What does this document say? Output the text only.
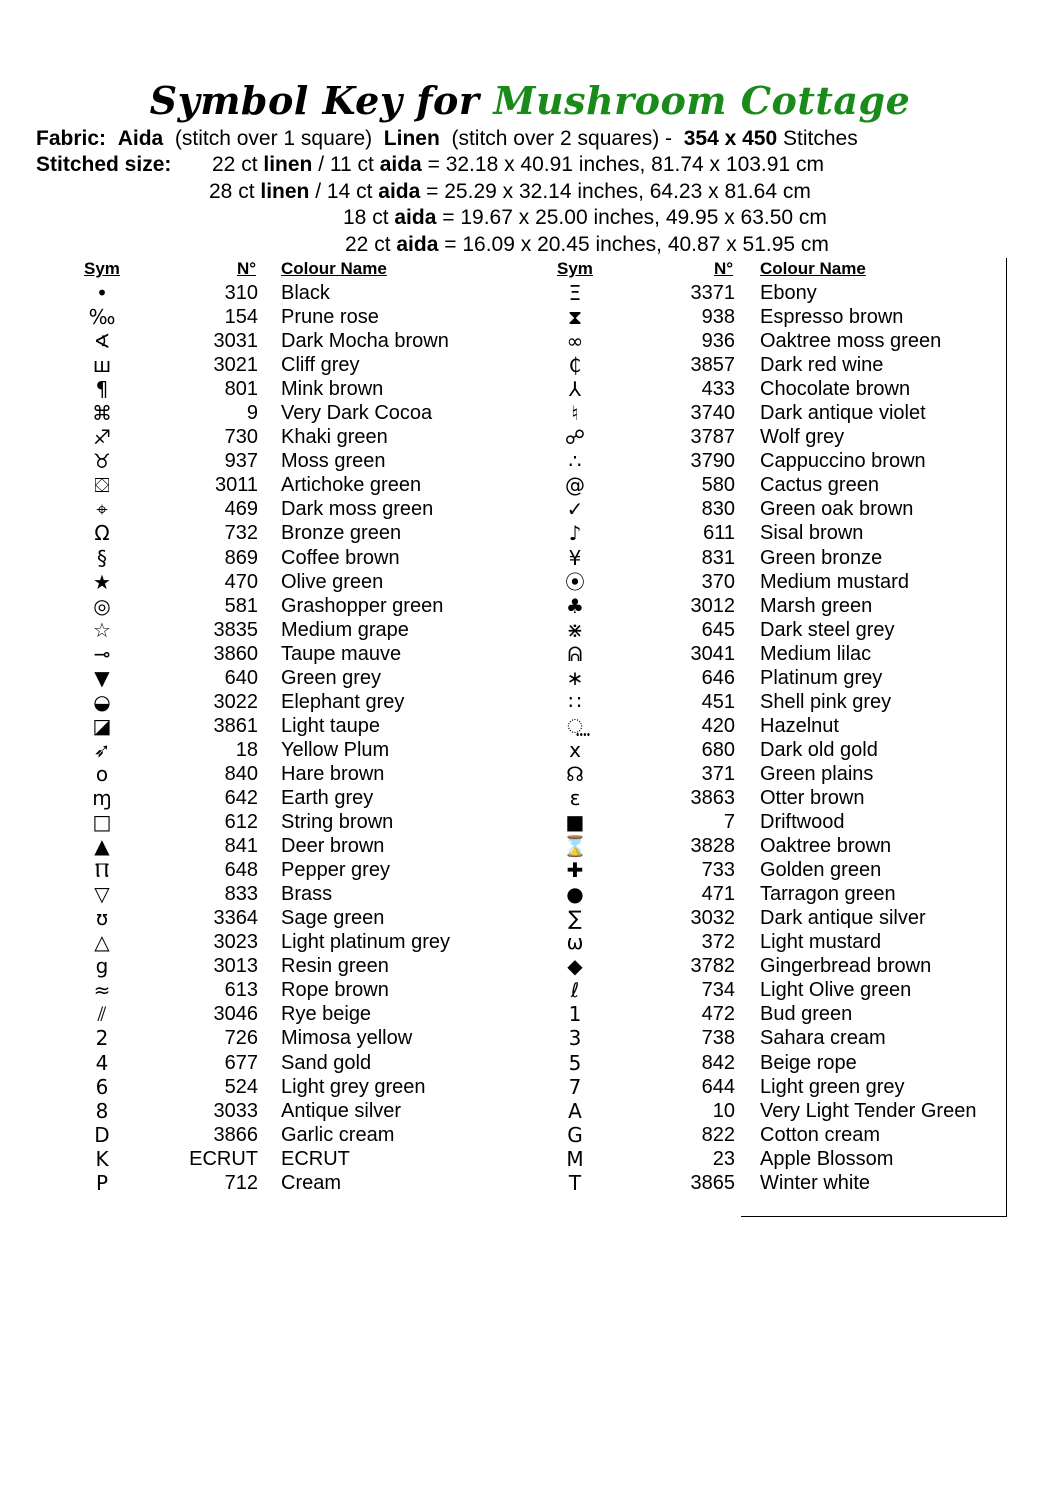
Symbol Key for Mushroom Cottage
Fabric: Aida (stitch over 1 square) Linen (stitch over 2 squares) - 354 x 450 Stitches
Stitched size: 22 ct linen / 11 ct aida = 32.18 x 40.91 inches, 81.74 x 103.91 cm
28 ct linen / 14 ct aida = 25.29 x 32.14 inches, 64.23 x 81.64 cm
18 ct aida = 19.67 x 25.00 inches, 49.95 x 63.50 cm
22 ct aida = 16.09 x 20.45 inches, 40.87 x 51.95 cm
Sym	N° Colour Name	Sym	N° Colour Name
•	310 Black
‰	154 Prune rose
∢	3031 Dark Mocha brown
ш	3021 Cliff grey
¶	801 Mink brown
⌘	9 Very Dark Cocoa
♐	730 Khaki green
♉	937 Moss green
⛋	3011 Artichoke green
⌖	469 Dark moss green
Ω	732 Bronze green
§	869 Coffee brown
★	470 Olive green
◎	581 Grashopper green
☆	3835 Medium grape
⊸	3860 Taupe mauve
▼	640 Green grey
◒	3022 Elephant grey
◪	3861 Light taupe
➶	18 Yellow Plum
o	840 Hare brown
ɱ	642 Earth grey
□	612 String brown
▲	841 Deer brown
Ⲡ	648 Pepper grey
▽	833 Brass
ʊ	3364 Sage green
△	3023 Light platinum grey
g	3013 Resin green
≈	613 Rope brown
⫽	3046 Rye beige
2	726 Mimosa yellow
4	677 Sand gold
6	524 Light grey green
8	3033 Antique silver
D	3866 Garlic cream
K	ECRUT ECRUT
P	712 Cream
Ξ	3371 Ebony
⧗	938 Espresso brown
∞	936 Oaktree moss green
₵	3857 Dark red wine
⅄	433 Chocolate brown
♮	3740 Dark antique violet
☍	3787 Wolf grey
∴	3790 Cappuccino brown
@	580 Cactus green
✓	830 Green oak brown
♪	611 Sisal brown
¥	831 Green bronze
⦿	370 Medium mustard
♣	3012 Marsh green
⋇	645 Dark steel grey
ᕱ	3041 Medium lilac
∗	646 Platinum grey
∷	451 Shell pink grey
⵿	420 Hazelnut
x	680 Dark old gold
☊	371 Green plains
ɛ	3863 Otter brown
■	7 Driftwood
⌛	3828 Oaktree brown
✚	733 Golden green
●	471 Tarragon green
∑	3032 Dark antique silver
ω	372 Light mustard
◆	3782 Gingerbread brown
ℓ	734 Light Olive green
1	472 Bud green
3	738 Sahara cream
5	842 Beige rope
7	644 Light green grey
A	10 Very Light Tender Green
G	822 Cotton cream
M	23 Apple Blossom
T	3865 Winter white
